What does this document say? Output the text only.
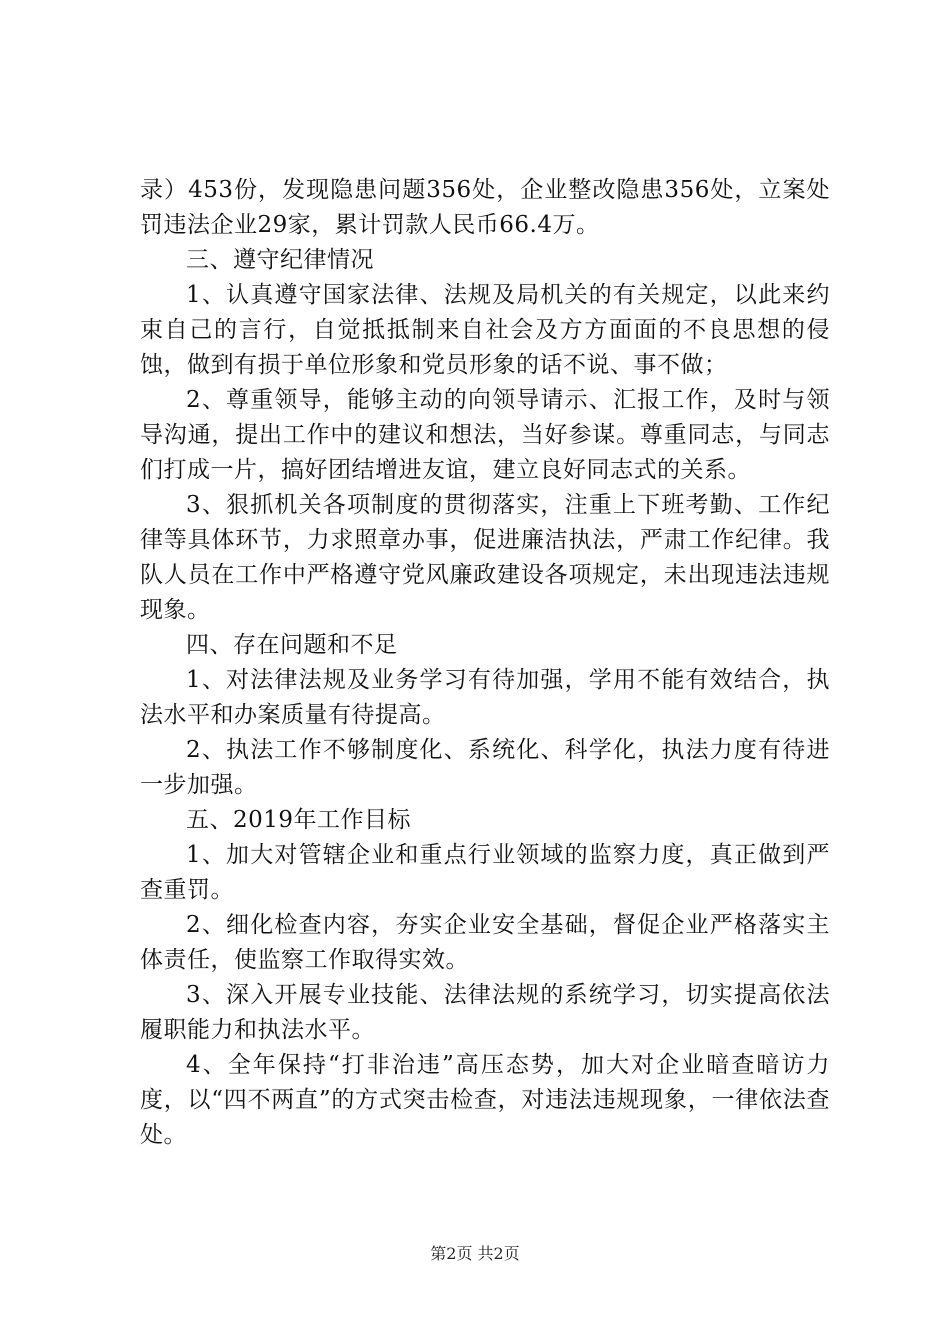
录）453份，发现隐患问题356处，企业整改隐患356处，立案处罚违法企业29家，累计罚款人民币66.4万。

三、遵守纪律情况

1、认真遵守国家法律、法规及局机关的有关规定，以此来约束自己的言行，自觉抵抵制来自社会及方方面面的不良思想的侵蚀，做到有损于单位形象和党员形象的话不说、事不做；

2、尊重领导，能够主动的向领导请示、汇报工作，及时与领导沟通，提出工作中的建议和想法，当好参谋。尊重同志，与同志们打成一片，搞好团结增进友谊，建立良好同志式的关系。

3、狠抓机关各项制度的贯彻落实，注重上下班考勤、工作纪律等具体环节，力求照章办事，促进廉洁执法，严肃工作纪律。我队人员在工作中严格遵守党风廉政建设各项规定，未出现违法违规现象。

四、存在问题和不足

1、对法律法规及业务学习有待加强，学用不能有效结合，执法水平和办案质量有待提高。

2、执法工作不够制度化、系统化、科学化，执法力度有待进一步加强。

五、2019年工作目标

1、加大对管辖企业和重点行业领域的监察力度，真正做到严查重罚。

2、细化检查内容，夯实企业安全基础，督促企业严格落实主体责任，使监察工作取得实效。

3、深入开展专业技能、法律法规的系统学习，切实提高依法履职能力和执法水平。

4、全年保持“打非治违”高压态势，加大对企业暗查暗访力度，以“四不两直”的方式突击检查，对违法违规现象，一律依法查处。

第2页 共2页
